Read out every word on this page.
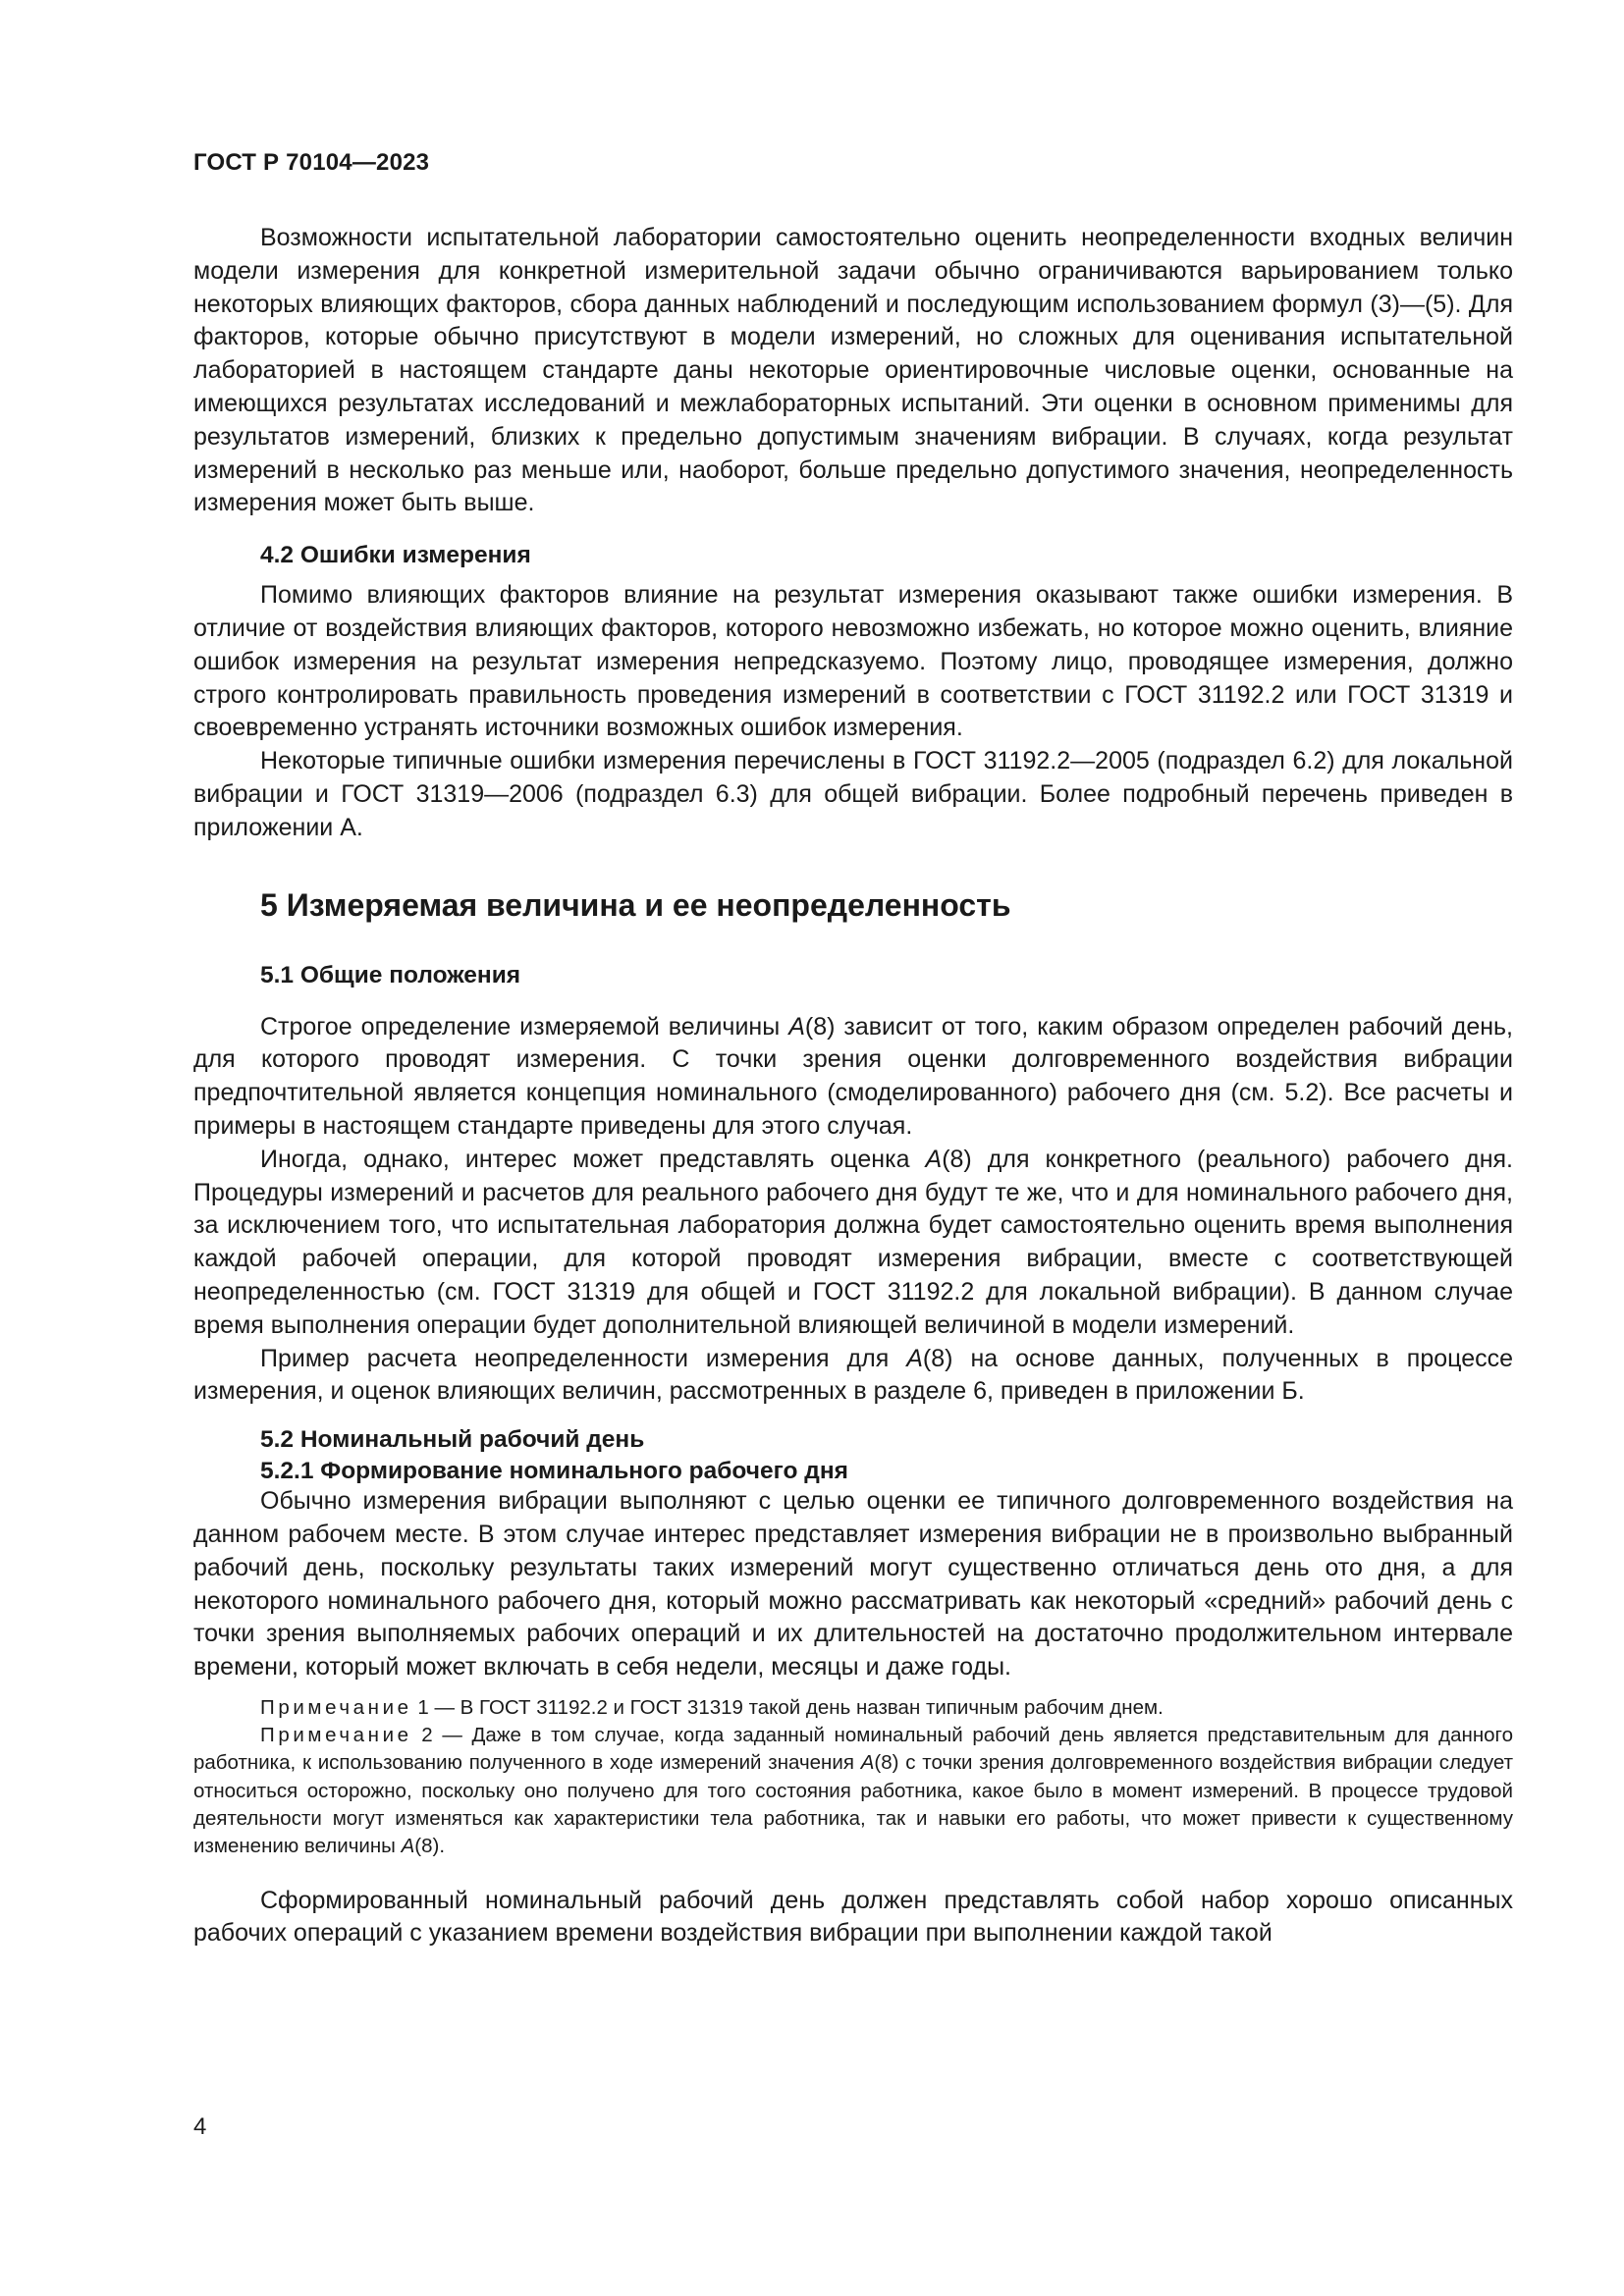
ГОСТ Р 70104—2023

Возможности испытательной лаборатории самостоятельно оценить неопределенности входных величин модели измерения для конкретной измерительной задачи обычно ограничиваются варьированием только некоторых влияющих факторов, сбора данных наблюдений и последующим использованием формул (3)—(5). Для факторов, которые обычно присутствуют в модели измерений, но сложных для оценивания испытательной лабораторией в настоящем стандарте даны некоторые ориентировочные числовые оценки, основанные на имеющихся результатах исследований и межлабораторных испытаний. Эти оценки в основном применимы для результатов измерений, близких к предельно допустимым значениям вибрации. В случаях, когда результат измерений в несколько раз меньше или, наоборот, больше предельно допустимого значения, неопределенность измерения может быть выше.

4.2 Ошибки измерения

Помимо влияющих факторов влияние на результат измерения оказывают также ошибки измерения. В отличие от воздействия влияющих факторов, которого невозможно избежать, но которое можно оценить, влияние ошибок измерения на результат измерения непредсказуемо. Поэтому лицо, проводящее измерения, должно строго контролировать правильность проведения измерений в соответствии с ГОСТ 31192.2 или ГОСТ 31319 и своевременно устранять источники возможных ошибок измерения.

Некоторые типичные ошибки измерения перечислены в ГОСТ 31192.2—2005 (подраздел 6.2) для локальной вибрации и ГОСТ 31319—2006 (подраздел 6.3) для общей вибрации. Более подробный перечень приведен в приложении А.

5 Измеряемая величина и ее неопределенность
5.1 Общие положения

Строгое определение измеряемой величины A(8) зависит от того, каким образом определен рабочий день, для которого проводят измерения. С точки зрения оценки долговременного воздействия вибрации предпочтительной является концепция номинального (смоделированного) рабочего дня (см. 5.2). Все расчеты и примеры в настоящем стандарте приведены для этого случая.

Иногда, однако, интерес может представлять оценка A(8) для конкретного (реального) рабочего дня. Процедуры измерений и расчетов для реального рабочего дня будут те же, что и для номинального рабочего дня, за исключением того, что испытательная лаборатория должна будет самостоятельно оценить время выполнения каждой рабочей операции, для которой проводят измерения вибрации, вместе с соответствующей неопределенностью (см. ГОСТ 31319 для общей и ГОСТ 31192.2 для локальной вибрации). В данном случае время выполнения операции будет дополнительной влияющей величиной в модели измерений.

Пример расчета неопределенности измерения для A(8) на основе данных, полученных в процессе измерения, и оценок влияющих величин, рассмотренных в разделе 6, приведен в приложении Б.

5.2 Номинальный рабочий день
5.2.1 Формирование номинального рабочего дня

Обычно измерения вибрации выполняют с целью оценки ее типичного долговременного воздействия на данном рабочем месте. В этом случае интерес представляет измерения вибрации не в произвольно выбранный рабочий день, поскольку результаты таких измерений могут существенно отличаться день ото дня, а для некоторого номинального рабочего дня, который можно рассматривать как некоторый «средний» рабочий день с точки зрения выполняемых рабочих операций и их длительностей на достаточно продолжительном интервале времени, который может включать в себя недели, месяцы и даже годы.

Примечание 1 — В ГОСТ 31192.2 и ГОСТ 31319 такой день назван типичным рабочим днем.

Примечание 2 — Даже в том случае, когда заданный номинальный рабочий день является представительным для данного работника, к использованию полученного в ходе измерений значения A(8) с точки зрения долговременного воздействия вибрации следует относиться осторожно, поскольку оно получено для того состояния работника, какое было в момент измерений. В процессе трудовой деятельности могут изменяться как характеристики тела работника, так и навыки его работы, что может привести к существенному изменению величины A(8).

Сформированный номинальный рабочий день должен представлять собой набор хорошо описанных рабочих операций с указанием времени воздействия вибрации при выполнении каждой такой

4
